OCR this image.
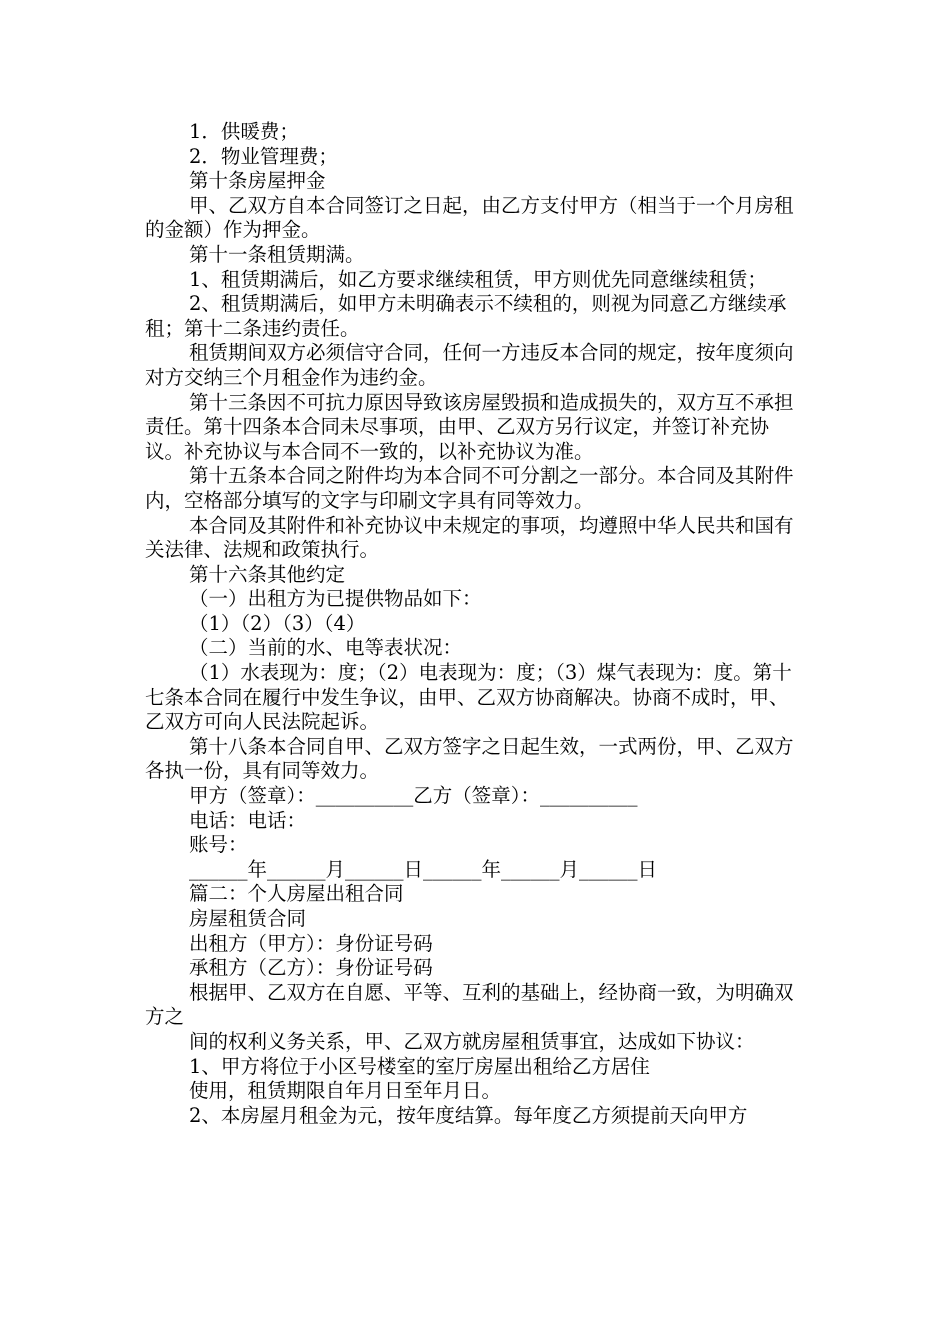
1．供暖费；

2．物业管理费；

第十条房屋押金

甲、乙双方自本合同签订之日起，由乙方支付甲方（相当于一个月房租的金额）作为押金。

第十一条租赁期满。

1、租赁期满后，如乙方要求继续租赁，甲方则优先同意继续租赁；

2、租赁期满后，如甲方未明确表示不续租的，则视为同意乙方继续承租；第十二条违约责任。

租赁期间双方必须信守合同，任何一方违反本合同的规定，按年度须向对方交纳三个月租金作为违约金。

第十三条因不可抗力原因导致该房屋毁损和造成损失的，双方互不承担责任。第十四条本合同未尽事项，由甲、乙双方另行议定，并签订补充协议。补充协议与本合同不一致的，以补充协议为准。

第十五条本合同之附件均为本合同不可分割之一部分。本合同及其附件内，空格部分填写的文字与印刷文字具有同等效力。

本合同及其附件和补充协议中未规定的事项，均遵照中华人民共和国有关法律、法规和政策执行。

第十六条其他约定

（一）出租方为已提供物品如下：

（1）（2）（3）（4）

（二）当前的水、电等表状况：

（1）水表现为：度；（2）电表现为：度；（3）煤气表现为：度。第十七条本合同在履行中发生争议，由甲、乙双方协商解决。协商不成时，甲、乙双方可向人民法院起诉。

第十八条本合同自甲、乙双方签字之日起生效，一式两份，甲、乙双方各执一份，具有同等效力。

甲方（签章）：__________乙方（签章）：__________

电话：电话：

账号：

______年______月______日______年______月______日

篇二：个人房屋出租合同

房屋租赁合同

出租方（甲方）：身份证号码

承租方（乙方）：身份证号码

根据甲、乙双方在自愿、平等、互利的基础上，经协商一致，为明确双方之

间的权利义务关系，甲、乙双方就房屋租赁事宜，达成如下协议：

1、甲方将位于小区号楼室的室厅房屋出租给乙方居住

使用，租赁期限自年月日至年月日。

2、本房屋月租金为元，按年度结算。每年度乙方须提前天向甲方
